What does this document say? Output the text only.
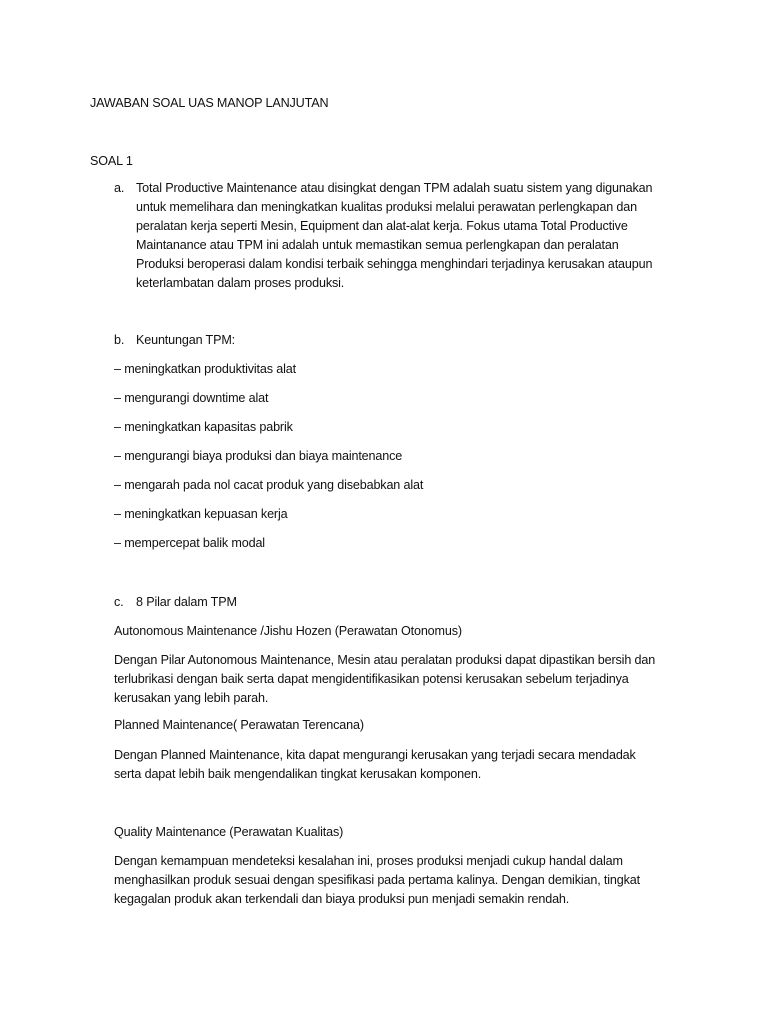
JAWABAN SOAL UAS MANOP LANJUTAN

SOAL 1

a. Total Productive Maintenance atau disingkat dengan TPM adalah suatu sistem yang digunakan
untuk memelihara dan meningkatkan kualitas produksi melalui perawatan perlengkapan dan
peralatan kerja seperti Mesin, Equipment dan alat-alat kerja. Fokus utama Total Productive
Maintanance atau TPM ini adalah untuk memastikan semua perlengkapan dan peralatan
Produksi beroperasi dalam kondisi terbaik sehingga menghindari terjadinya kerusakan ataupun
keterlambatan dalam proses produksi.
b. Keuntungan TPM:

– meningkatkan produktivitas alat

– mengurangi downtime alat

– meningkatkan kapasitas pabrik

– mengurangi biaya produksi dan biaya maintenance

– mengarah pada nol cacat produk yang disebabkan alat

– meningkatkan kepuasan kerja

– mempercepat balik modal

c. 8 Pilar dalam TPM

Autonomous Maintenance /Jishu Hozen (Perawatan Otonomus)

Dengan Pilar Autonomous Maintenance, Mesin atau peralatan produksi dapat dipastikan bersih dan
terlubrikasi dengan baik serta dapat mengidentifikasikan potensi kerusakan sebelum terjadinya
kerusakan yang lebih parah.

Planned Maintenance( Perawatan Terencana)

Dengan Planned Maintenance, kita dapat mengurangi kerusakan yang terjadi secara mendadak
serta dapat lebih baik mengendalikan tingkat kerusakan komponen.

Quality Maintenance (Perawatan Kualitas)

Dengan kemampuan mendeteksi kesalahan ini, proses produksi menjadi cukup handal dalam
menghasilkan produk sesuai dengan spesifikasi pada pertama kalinya. Dengan demikian, tingkat
kegagalan produk akan terkendali dan biaya produksi pun menjadi semakin rendah.
